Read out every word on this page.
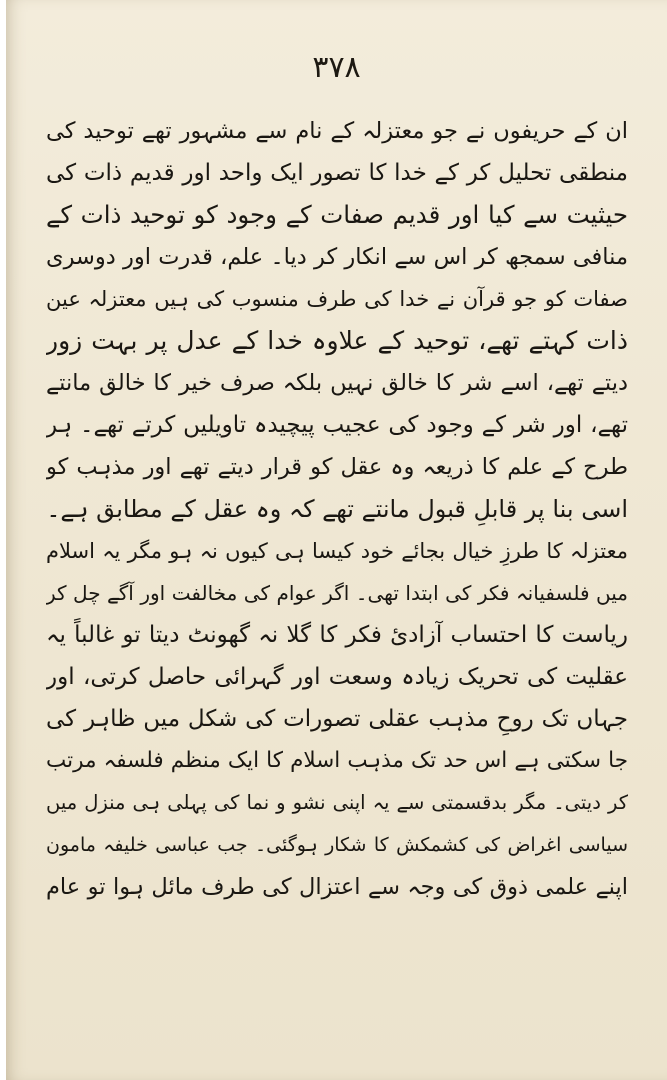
۳۷۸
ان کے حریفوں نے جو معتزلہ کے نام سے مشہور تھے توحید کی
منطقی تحلیل کر کے خدا کا تصور ایک واحد اور قدیم ذات کی
حیثیت سے کیا اور قدیم صفات کے وجود کو توحید ذات کے
منافی سمجھ کر اس سے انکار کر دیا۔ علم، قدرت اور دوسری
صفات کو جو قرآن نے خدا کی طرف منسوب کی ہیں معتزلہ عین
ذات کہتے تھے، توحید کے علاوہ خدا کے عدل پر بہت زور
دیتے تھے، اسے شر کا خالق نہیں بلکہ صرف خیر کا خالق مانتے
تھے، اور شر کے وجود کی عجیب پیچیدہ تاویلیں کرتے تھے۔ ہر
طرح کے علم کا ذریعہ وہ عقل کو قرار دیتے تھے اور مذہب کو
اسی بنا پر قابلِ قبول مانتے تھے کہ وہ عقل کے مطابق ہے۔
معتزلہ کا طرزِ خیال بجائے خود کیسا ہی کیوں نہ ہو مگر یہ اسلام
میں فلسفیانہ فکر کی ابتدا تھی۔ اگر عوام کی مخالفت اور آگے چل کر
ریاست کا احتساب آزادئ فکر کا گلا نہ گھونٹ دیتا تو غالباً یہ
عقلیت کی تحریک زیادہ وسعت اور گہرائی حاصل کرتی، اور
جہاں تک روحِ مذہب عقلی تصورات کی شکل میں ظاہر کی
جا سکتی ہے اس حد تک مذہب اسلام کا ایک منظم فلسفہ مرتب
کر دیتی۔ مگر بدقسمتی سے یہ اپنی نشو و نما کی پہلی ہی منزل میں
سیاسی اغراض کی کشمکش کا شکار ہوگئی۔ جب عباسی خلیفہ مامون
اپنے علمی ذوق کی وجہ سے اعتزال کی طرف مائل ہوا تو عام
